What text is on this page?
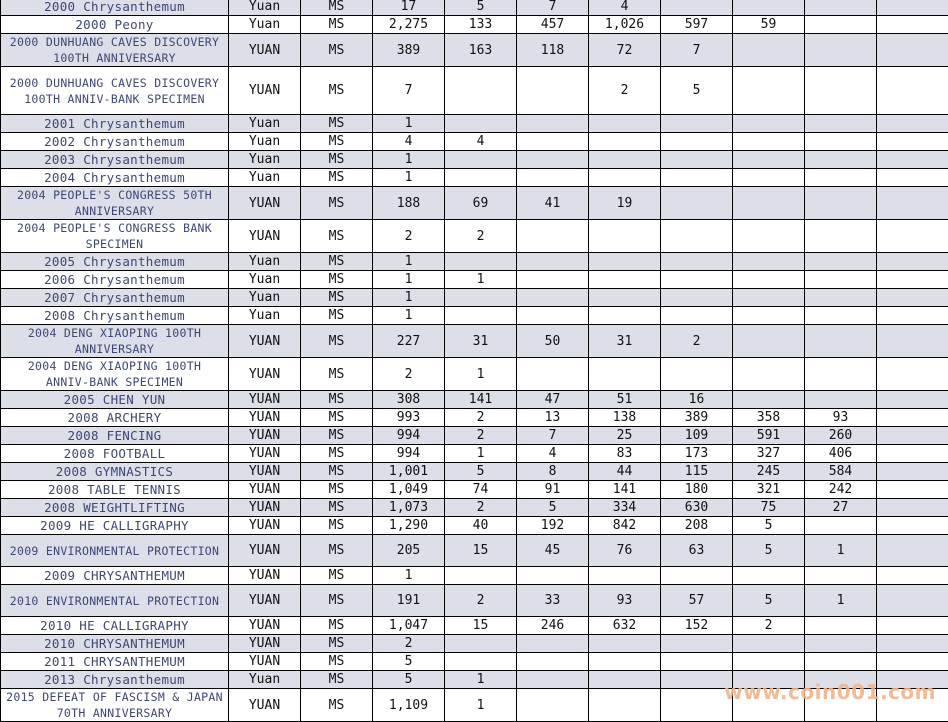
2000 Chrysanthemum	Yuan	MS	17	5	7	4					
2000 Peony	Yuan	MS	2,275	133	457	1,026	597	59			
2000 DUNHUANG CAVES DISCOVERY 100TH ANNIVERSARY	YUAN	MS	389	163	118	72	7				
2000 DUNHUANG CAVES DISCOVERY 100TH ANNIV-BANK SPECIMEN	YUAN	MS	7			2	5				
2001 Chrysanthemum	Yuan	MS	1								
2002 Chrysanthemum	Yuan	MS	4	4							
2003 Chrysanthemum	Yuan	MS	1								
2004 Chrysanthemum	Yuan	MS	1								
2004 PEOPLE'S CONGRESS 50TH ANNIVERSARY	YUAN	MS	188	69	41	19					
2004 PEOPLE'S CONGRESS BANK SPECIMEN	YUAN	MS	2	2							
2005 Chrysanthemum	Yuan	MS	1								
2006 Chrysanthemum	Yuan	MS	1	1							
2007 Chrysanthemum	Yuan	MS	1								
2008 Chrysanthemum	Yuan	MS	1								
2004 DENG XIAOPING 100TH ANNIVERSARY	YUAN	MS	227	31	50	31	2				
2004 DENG XIAOPING 100TH ANNIV-BANK SPECIMEN	YUAN	MS	2	1							
2005 CHEN YUN	YUAN	MS	308	141	47	51	16				
2008 ARCHERY	YUAN	MS	993	2	13	138	389	358	93		
2008 FENCING	YUAN	MS	994	2	7	25	109	591	260		
2008 FOOTBALL	YUAN	MS	994	1	4	83	173	327	406		
2008 GYMNASTICS	YUAN	MS	1,001	5	8	44	115	245	584		
2008 TABLE TENNIS	YUAN	MS	1,049	74	91	141	180	321	242		
2008 WEIGHTLIFTING	YUAN	MS	1,073	2	5	334	630	75	27		
2009 HE CALLIGRAPHY	YUAN	MS	1,290	40	192	842	208	5			
2009 ENVIRONMENTAL PROTECTION	YUAN	MS	205	15	45	76	63	5	1		
2009 CHRYSANTHEMUM	YUAN	MS	1								
2010 ENVIRONMENTAL PROTECTION	YUAN	MS	191	2	33	93	57	5	1		
2010 HE CALLIGRAPHY	YUAN	MS	1,047	15	246	632	152	2			
2010 CHRYSANTHEMUM	YUAN	MS	2								
2011 CHRYSANTHEMUM	YUAN	MS	5								
2013 Chrysanthemum	Yuan	MS	5	1							
2015 DEFEAT OF FASCISM & JAPAN 70TH ANNIVERSARY	YUAN	MS	1,109	1							
www.coin001.com
